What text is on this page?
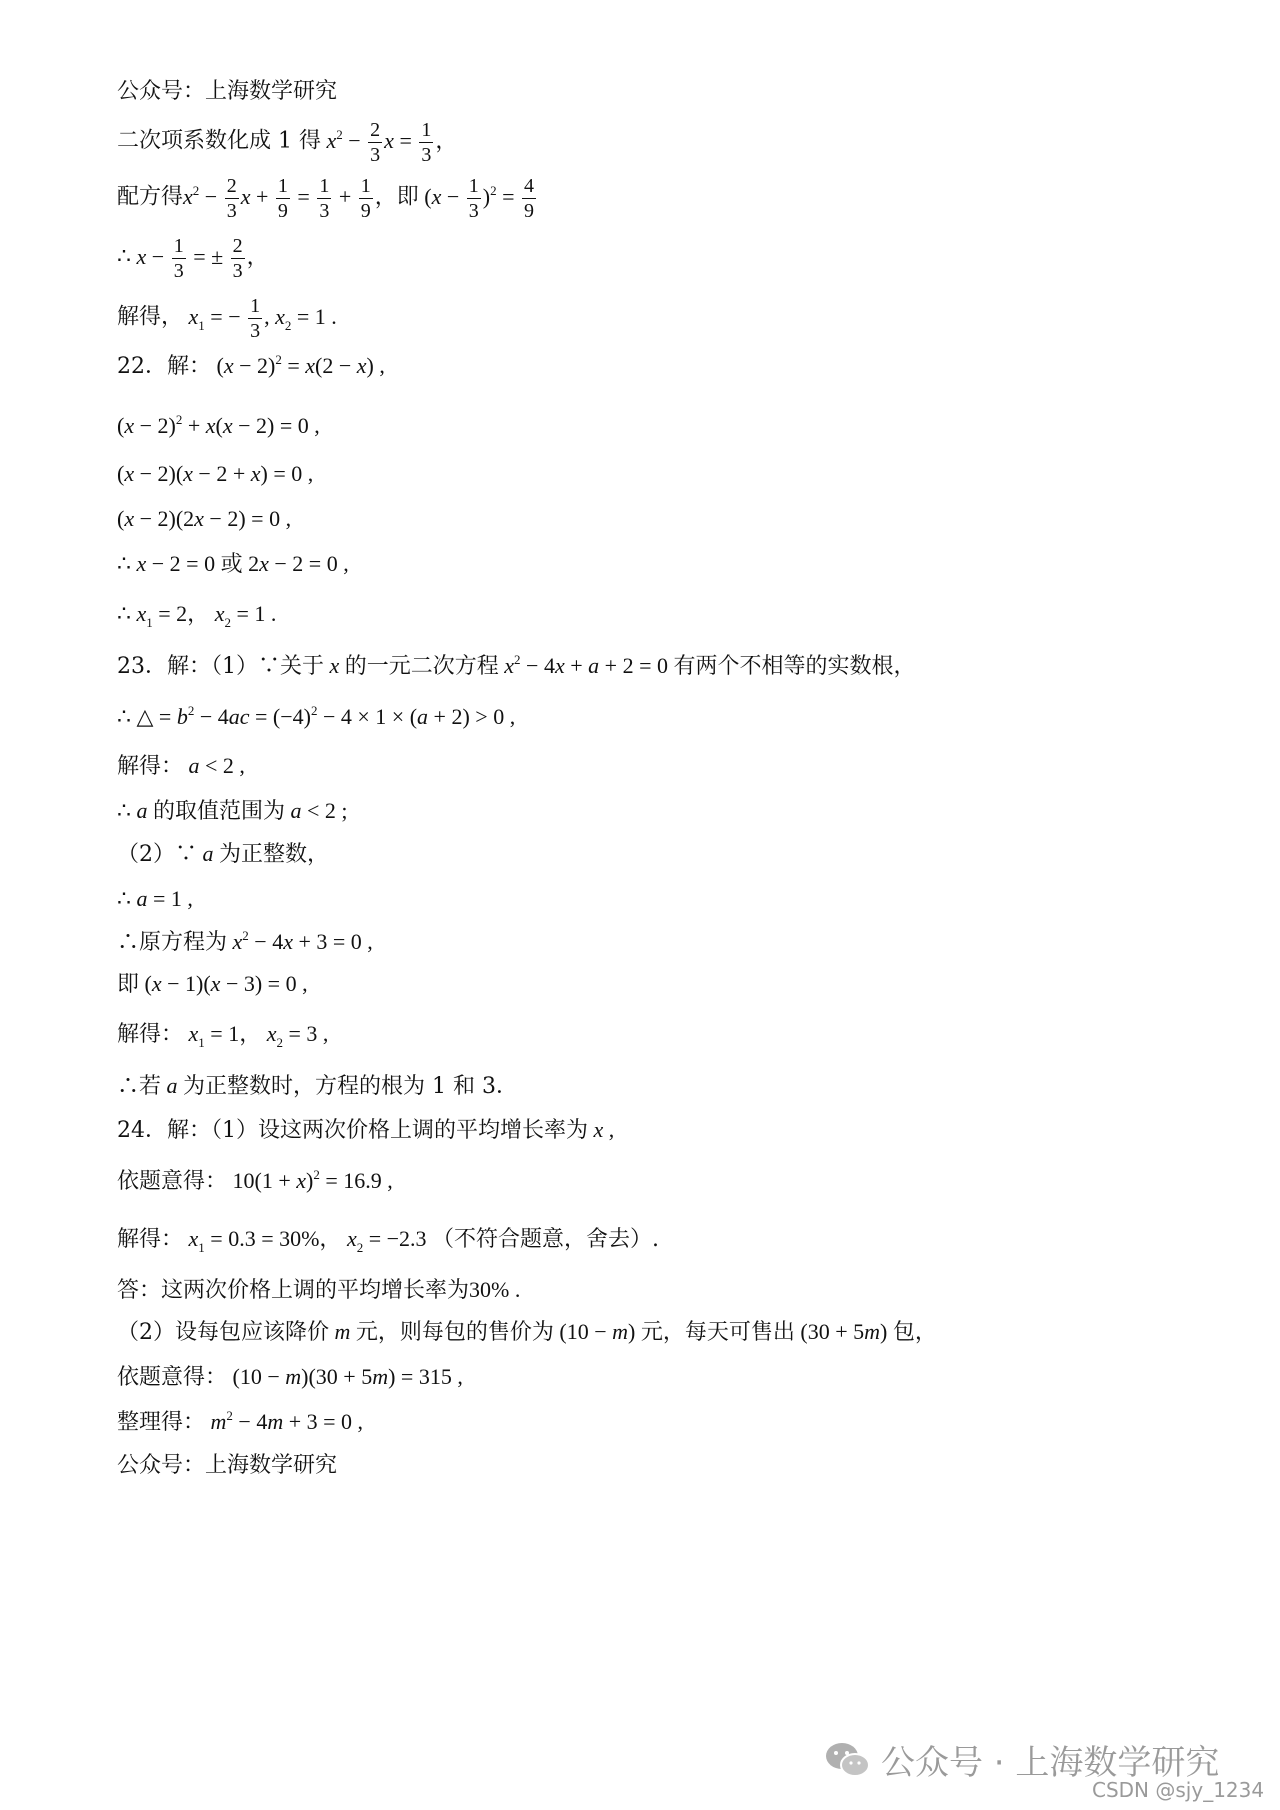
公众号：上海数学研究
二次项系数化成 1 得 $x^2 - \frac{2}{3}$ $x = \frac{1}{3}$ ，
配方得$x^2 - \frac{2}{3}$ $x + \frac{1}{9} = \frac{1}{3} + \frac{1}{9}$ ，即 $(x - \frac{1}{3} )^2 = \frac{4}{9}$
∴ $x - \frac{1}{3}$ = ± $\frac{2}{3}$ ，
解得， $x_1$ = − $\frac{1}{3}$ , $x_2 = 1$ .
22．解： $(x - 2)^2 = x(2 - x)$ ,
$(x - 2)^2 + x(x - 2) = 0$ ,
(x − 2)(x − 2 + x) = 0 ,
(x − 2)(2x − 2) = 0 ,
∴ x − 2 = 0 或 2x − 2 = 0 ,
∴ $x_1 = 2$， $x_2 = 1$ .
23．解：（1）∵关于 x 的一元二次方程 $x^2 - 4x + a + 2 = 0$ 有两个不相等的实数根，
∴ △ = $b^2 - 4ac = (-4)^2 - 4 \times 1 \times (a + 2) > 0$ ,
解得： a < 2 ,
∴ a 的取值范围为 a < 2 ;
（2）∵ a 为正整数，
∴ a = 1 ,
∴原方程为 $x^2 - 4x + 3 = 0$ ,
即 (x − 1)(x − 3) = 0 ,
解得： $x_1 = 1$， $x_2 = 3$ ,
∴若 a 为正整数时，方程的根为 1 和 3．
24．解：（1）设这两次价格上调的平均增长率为 x ,
依题意得： $10(1 + x)^2 = 16.9$ ,
解得： $x_1 = 0.3 = 30\%$， $x_2 = -2.3$ （不符合题意，舍去）.
答：这两次价格上调的平均增长率为30% .
（2）设每包应该降价 m 元，则每包的售价为 (10 − m) 元，每天可售出 (30 + 5m) 包，
依题意得： (10 − m)(30 + 5m) = 315 ,
整理得： $m^2 - 4m + 3 = 0$ ,
公众号：上海数学研究
公众号 · 上海数学研究
CSDN @sjy_1234
